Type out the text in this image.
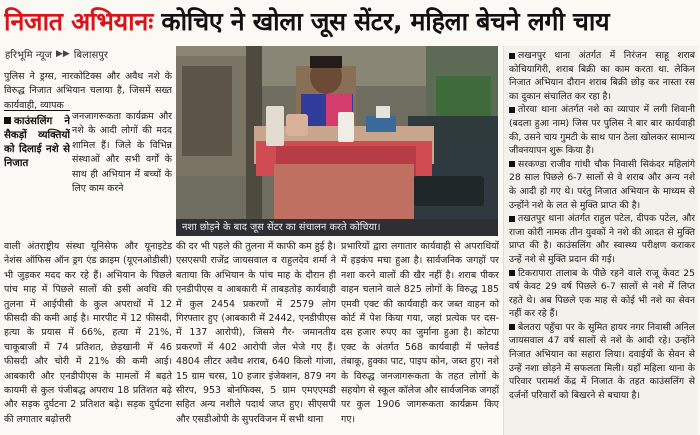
निजात अभियानः कोचिए ने खोला जूस सेंटर, महिला बेचने लगी चाय
हरिभूमि न्यूज ▶▶ बिलासपुर

पुलिस ने ड्रग्स, नारकोटिक्स और अवैध नशे के विरुद्ध निजात अभियान चलाया है, जिसमें सख्त कार्यवाही, व्यापक

काउंसलिंग ने सैकड़ों व्यक्तियों को दिलाई नशे से निजात

जनजागरूकता कार्यक्रम और नशे के आदी लोगों की मदद शामिल हैं। जिले के विभिन्न संस्थाओं और सभी वर्गों के साथ ही अभियान में बच्चों के लिए काम करने

वाली अंतराष्ट्रीय संस्था यूनिसेफ और यूनाइटेड नेशंस ऑफिस ऑन ड्रग एंड क्राइम (यूएनओडीसी) भी जुड़कर मदद कर रहे हैं। अभियान के पिछले पांच माह में पिछले सालों की इसी अवधि की तुलना में आईपीसी के कुल अपराधों में 12 फीसदी की कमी आई है। मारपीट में 12 फीसदी, हत्या के प्रयास में 66%, हत्या में 21%, चाकूबाजी में 74 प्रतिशत, छेड़खानी में 46 फीसदी और चोरी में 21% की कमी आई। आबकारी और एनडीपीएस के मामलों में बढ़ते कायमी से कुल पंजीबद्ध अपराध 18 प्रतिशत बढ़े और सड़क दुर्घटना 2 प्रतिशत बढ़े। सड़क दुर्घटना की लगातार बढ़ोत्तरी

नशा छोड़ने के बाद जूस सेंटर का संचालन करते कोचिया।

की दर भी पहले की तुलना में काफी कम हुई है। एसएसपी राजेंद्र जायसवाल व राहुलदेव शर्मा ने बताया कि अभियान के पांच माह के दौरान ही एनडीपीएस व आबकारी में ताबड़तोड़ कार्यवाही में कुल 2454 प्रकरणों में 2579 लोग गिरफ्तार हुए (आबकारी में 2442, एनडीपीएस में 137 आरोपी), जिसमे गैर- जमानतीय प्रकरणों में 402 आरोपी जेल भेजे गए हैं। 4804 लीटर अवैध शराब, 640 किलो गांजा, 15 ग्राम चरस, 10 हजार इंजेक्शन, 879 नग सीरप, 953 बोनफिक्स, 5 ग्राम एमएएमडी सहित अन्य नशीले पदार्थ जप्त हुए। सीएसपी और एसडीओपी के सुपरविजन में सभी थाना

प्रभारियों द्वारा लगातार कार्यवाही से अपराधियों में हड़कंप मचा हुआ है। सार्वजनिक जगहों पर नशा करने वालों की खैर नहीं है। शराब पीकर वाहन चलाने वाले 825 लोगों के विरुद्ध 185 एमवी एक्ट की कार्यवाही कर जब्त वाहन को कोर्ट में पेश किया गया, जहां प्रत्येक पर दस-दस हजार रुपए का जुर्माना हुआ है। कोटपा एक्ट के अंतर्गत 568 कार्यवाही में फ्लेवर्ड तंबाकू, हुक्का पाट, पाइप कोन, जब्त हुए। नशे के विरुद्ध जनजागरूकता के तहत लोगों के सहयोग से स्कूल कॉलेज और सार्वजनिक जगहों पर कुल 1906 जागरूकता कार्यक्रम किए गए।

लखनपुर थाना अंतर्गत में निरंजन साहू शराब कोचियागिरी, शराब बिक्री का काम करता था. लेकिन निजात अभियान दौरान शराब बिक्री छोड़ कर नास्ता रस का दुकान संचालित कर रहा है।
तोरवा थाना अंतर्गत नशे का व्यापार में लगी शिवानी (बदला हुआ नाम) जिस पर पुलिस ने बार बार कार्यवाही की, उसने चाय गुमटी के साथ पान ठेला खोलकर सामान्य जीवनयापन शुरू किया है।
सरकण्डा राजीव गांधी चौक निवासी सिकंदर महिलांगे 28 साल पिछले 6-7 सालों से वे शराब और अन्य नशे के आदी हो गए थे। परंतु निजात अभियान के माध्यम से उन्होंने नशे के लत से मुक्ति प्राप्त की है।
तखतपुर थाना अंतर्गत राहुल पटेल, दीपक पटेल, और राजा कोरी नामक तीन युवकों ने नशे की आदत से मुक्ति प्राप्त की है। काउंसलिंग और स्वास्थ्य परीक्षण कराकर उन्हें नशे से मुक्ति प्रदान की गई।
टिकरापारा तालाब के पीछे रहने वाले राजू केवट 25 वर्ष केवट 29 वर्ष पिछले 6-7 सालों से नशे में लिप्त रहते थे। अब पिछले एक माह से कोई भी नशे का सेवन नहीं कर रहे हैं।
बेलतरा पहुँचा पर के सुमित हायर नगर निवासी अनिल जायसवाल 47 वर्ष सालों से नशे के आदी रहे। उन्होंने निजात अभियान का सहारा लिया। दवाईयों के सेवन से उन्हें नशा छोड़ने में सफलता मिली। यहाँ महिला थाना के परिवार परामर्श केंद्र में निजात के तहत काउंसलिंग से दर्जनों परिवारों को बिखरने से बचाया है।
